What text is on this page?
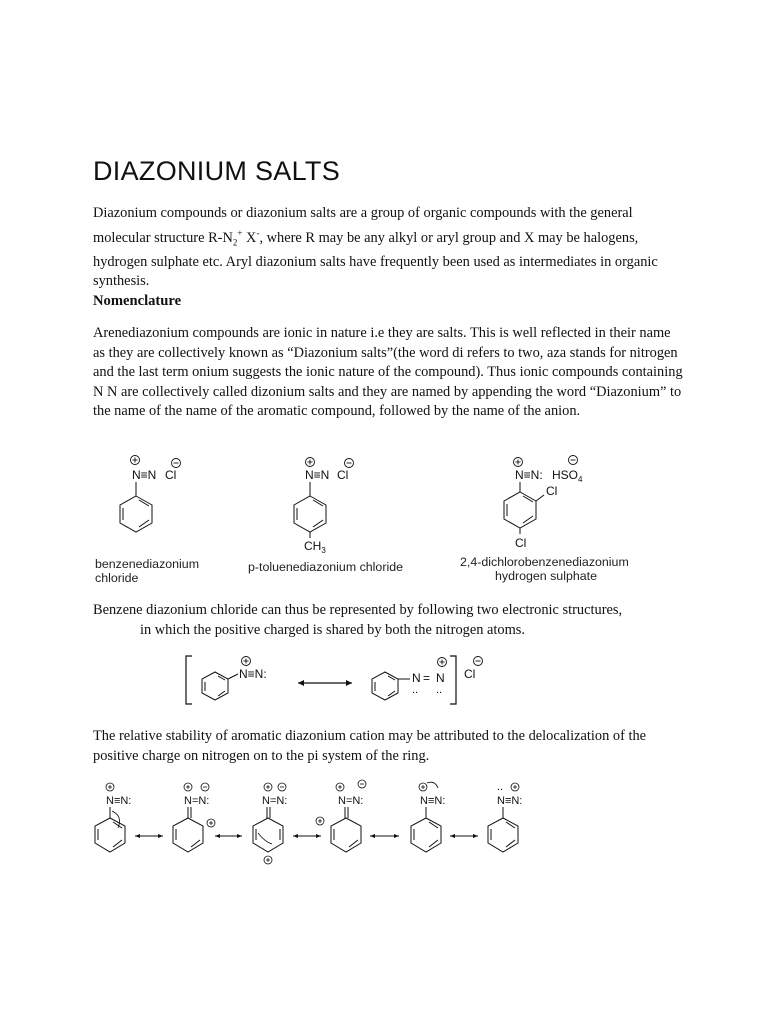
DIAZONIUM SALTS

Diazonium compounds or diazonium salts are a group of organic compounds with the general molecular structure $R-N_2^+$ X-, where R may be any alkyl or aryl group and X may be halogens, hydrogen sulphate etc. Aryl diazonium salts have frequently been used as intermediates in organic synthesis.

Nomenclature

Arenediazonium compounds are ionic in nature i.e they are salts. This is well reflected in their name as they are collectively known as “Diazonium salts”(the word di refers to two, aza stands for nitrogen and the last term onium suggests the ionic nature of the compound). Thus ionic compounds containing N N are collectively called dizonium salts and they are named by appending the word “Diazonium” to the name of the name of the aromatic compound, followed by the name of the anion.

N≡N Cl
benzenediazonium
chloride
N≡N Cl
$CH_3$
p-toluenediazonium chloride
N≡N: $HSO_4$
Cl
Cl
2,4-dichlorobenzenediazonium
hydrogen sulphate

Benzene diazonium chloride can thus be represented by following two electronic structures,

in which the positive charged is shared by both the nitrogen atoms.

N≡N:	N = N
.. ..
Cl

The relative stability of aromatic diazonium cation may be attributed to the delocalization of the positive charge on nitrogen on to the pi system of the ring.

N≡N:	N=N:	N=N:	N=N:	N≡N:
..
N≡N:
